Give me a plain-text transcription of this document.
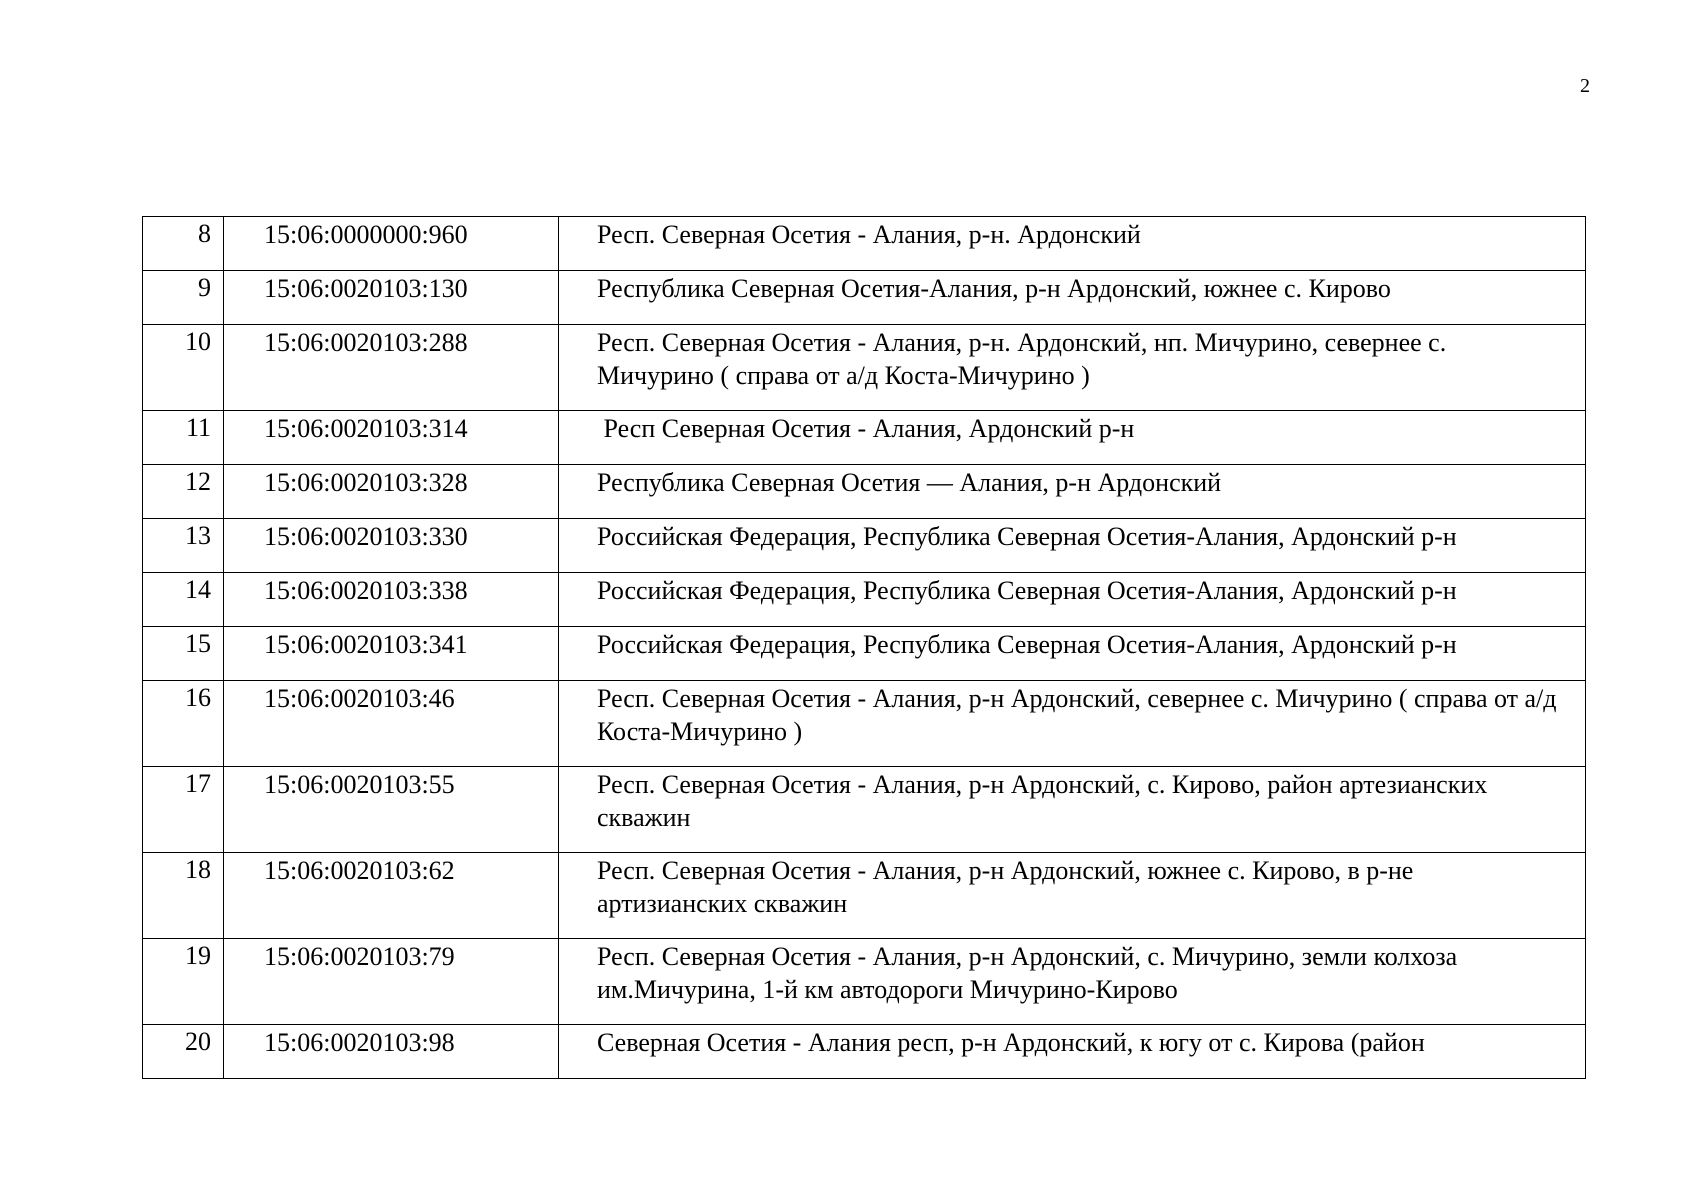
2
8	15:06:0000000:960	Респ. Северная Осетия - Алания, р-н. Ардонский

9	15:06:0020103:130	Республика Северная Осетия-Алания, р-н Ардонский, южнее с. Кирово

10	15:06:0020103:288	Респ. Северная Осетия - Алания, р-н. Ардонский, нп. Мичурино, севернее с. Мичурино ( справа от а/д Коста-Мичурино )

11	15:06:0020103:314	Респ Северная Осетия - Алания, Ардонский р-н

12	15:06:0020103:328	Республика Северная Осетия — Алания, р-н Ардонский

13	15:06:0020103:330	Российская Федерация, Республика Северная Осетия-Алания, Ардонский р-н

14	15:06:0020103:338	Российская Федерация, Республика Северная Осетия-Алания, Ардонский р-н

15	15:06:0020103:341	Российская Федерация, Республика Северная Осетия-Алания, Ардонский р-н

16	15:06:0020103:46	Респ. Северная Осетия - Алания, р-н Ардонский, севернее с. Мичурино ( справа от а/д Коста-Мичурино )

17	15:06:0020103:55	Респ. Северная Осетия - Алания, р-н Ардонский, с. Кирово, район артезианских скважин

18	15:06:0020103:62	Респ. Северная Осетия - Алания, р-н Ардонский, южнее с. Кирово, в р-не артизианских скважин

19	15:06:0020103:79	Респ. Северная Осетия - Алания, р-н Ардонский, с. Мичурино, земли колхоза им.Мичурина, 1-й км автодороги Мичурино-Кирово

20	15:06:0020103:98	Северная Осетия - Алания респ, р-н Ардонский, к югу от с. Кирова (район
